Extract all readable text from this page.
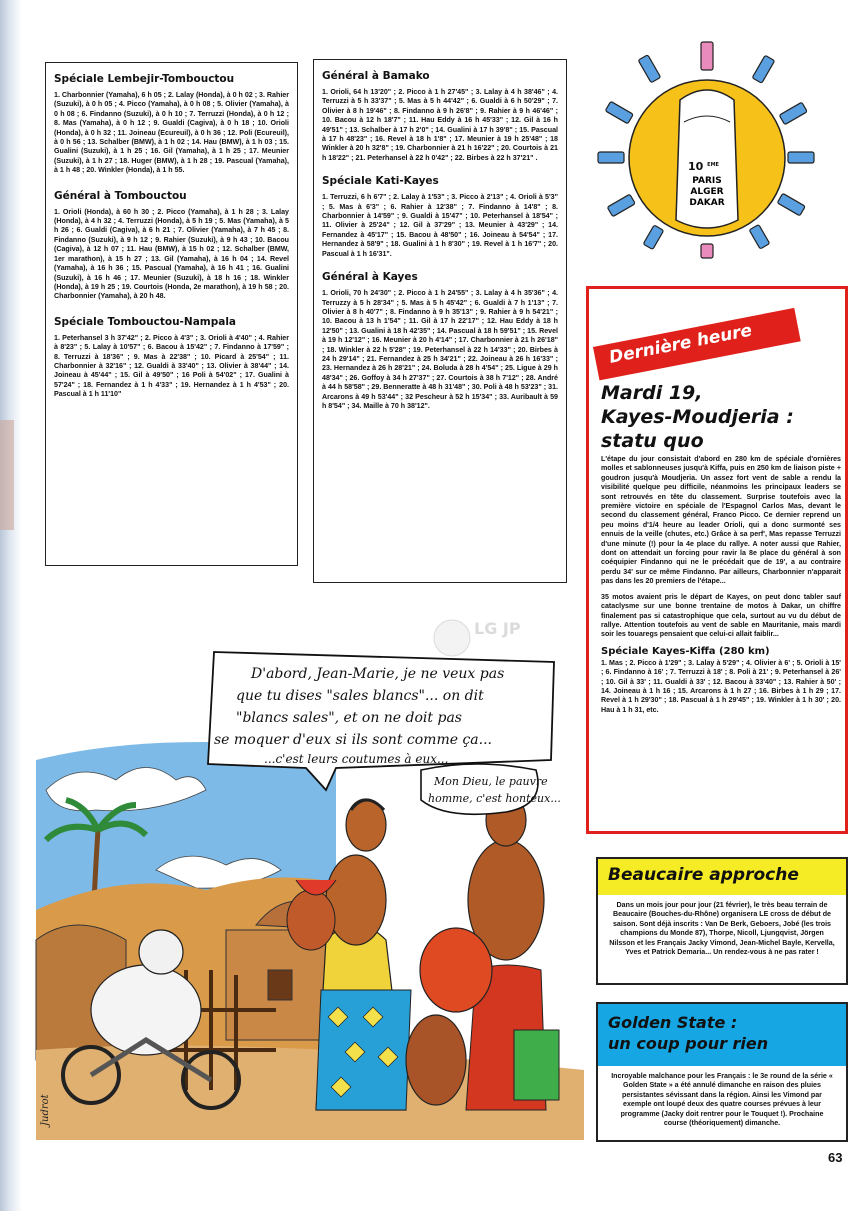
Spéciale Lembejir-Tombouctou

1. Charbonnier (Yamaha), 6 h 05 ; 2. Lalay (Honda), à 0 h 02 ; 3. Rahier (Suzuki), à 0 h 05 ; 4. Picco (Yamaha), à 0 h 08 ; 5. Olivier (Yamaha), à 0 h 08 ; 6. Findanno (Suzuki), à 0 h 10 ; 7. Terruzzi (Honda), à 0 h 12 ; 8. Mas (Yamaha), à 0 h 12 ; 9. Gualdi (Cagiva), à 0 h 18 ; 10. Orioli (Honda), à 0 h 32 ; 11. Joineau (Ecureuil), à 0 h 36 ; 12. Poli (Ecureuil), à 0 h 56 ; 13. Schalber (BMW), à 1 h 02 ; 14. Hau (BMW), à 1 h 03 ; 15. Gualini (Suzuki), à 1 h 25 ; 16. Gil (Yamaha), à 1 h 25 ; 17. Meunier (Suzuki), à 1 h 27 ; 18. Huger (BMW), à 1 h 28 ; 19. Pascual (Yamaha), à 1 h 48 ; 20. Winkler (Honda), à 1 h 55.

Général à Tombouctou

1. Orioli (Honda), à 60 h 30 ; 2. Picco (Yamaha), à 1 h 28 ; 3. Lalay (Honda), à 4 h 32 ; 4. Terruzzi (Honda), à 5 h 19 ; 5. Mas (Yamaha), à 5 h 26 ; 6. Gualdi (Cagiva), à 6 h 21 ; 7. Olivier (Yamaha), à 7 h 45 ; 8. Findanno (Suzuki), à 9 h 12 ; 9. Rahier (Suzuki), à 9 h 43 ; 10. Bacou (Cagiva), à 12 h 07 ; 11. Hau (BMW), à 15 h 02 ; 12. Schalber (BMW, 1er marathon), à 15 h 27 ; 13. Gil (Yamaha), à 16 h 04 ; 14. Revel (Yamaha), à 16 h 36 ; 15. Pascual (Yamaha), à 16 h 41 ; 16. Gualini (Suzuki), à 16 h 46 ; 17. Meunier (Suzuki), à 18 h 16 ; 18. Winkler (Honda), à 19 h 25 ; 19. Courtois (Honda, 2e marathon), à 19 h 58 ; 20. Charbonnier (Yamaha), à 20 h 48.

Spéciale Tombouctou-Nampala

1. Peterhansel 3 h 37'42" ; 2. Picco à 4'3" ; 3. Orioli à 4'40" ; 4. Rahier à 8'23" ; 5. Lalay à 10'57" ; 6. Bacou à 15'42" ; 7. Findanno à 17'59" ; 8. Terruzzi à 18'36" ; 9. Mas à 22'38" ; 10. Picard à 25'54" ; 11. Charbonnier à 32'16" ; 12. Gualdi à 33'40" ; 13. Olivier à 38'44" ; 14. Joineau à 45'44" ; 15. Gil à 49'50" ; 16 Poli à 54'02" ; 17. Gualini à 57'24" ; 18. Fernandez à 1 h 4'33" ; 19. Hernandez à 1 h 4'53" ; 20. Pascual à 1 h 11'10"

Général à Bamako

1. Orioli, 64 h 13'20" ; 2. Picco à 1 h 27'45" ; 3. Lalay à 4 h 38'46" ; 4. Terruzzi à 5 h 33'37" ; 5. Mas à 5 h 44'42" ; 6. Gualdi à 6 h 50'29" ; 7. Olivier à 8 h 19'46" ; 8. Findanno à 9 h 26'8" ; 9. Rahier à 9 h 46'46" ; 10. Bacou à 12 h 18'7" ; 11. Hau Eddy à 16 h 45'33" ; 12. Gil à 16 h 49'51" ; 13. Schalber à 17 h 2'0" ; 14. Gualini à 17 h 39'8" ; 15. Pascual à 17 h 48'23" ; 16. Revel à 18 h 1'8" ; 17. Meunier à 19 h 25'48" ; 18 Winkler à 20 h 32'8" ; 19. Charbonnier à 21 h 16'22" ; 20. Courtois à 21 h 18'22" ; 21. Peterhansel à 22 h 0'42" ; 22. Birbes à 22 h 37'21" .

Spéciale Kati-Kayes

1. Terruzzi, 6 h 6'7" ; 2. Lalay à 1'53" ; 3. Picco à 2'13" ; 4. Orioli à 5'3" ; 5. Mas à 6'3" ; 6. Rahier à 12'38" ; 7. Findanno à 14'8" ; 8. Charbonnier à 14'59" ; 9. Gualdi à 15'47" ; 10. Peterhansel à 18'54" ; 11. Olivier à 25'24" ; 12. Gil à 37'29" ; 13. Meunier à 43'29" ; 14. Fernandez à 45'17" ; 15. Bacou à 48'50" ; 16. Joineau à 54'54" ; 17. Hernandez à 58'9" ; 18. Gualini à 1 h 8'30" ; 19. Revel à 1 h 16'7" ; 20. Pascual à 1 h 16'31".

Général à Kayes

1. Orioli, 70 h 24'30" ; 2. Picco à 1 h 24'55" ; 3. Lalay à 4 h 35'36" ; 4. Terruzzy à 5 h 28'34" ; 5. Mas à 5 h 45'42" ; 6. Gualdi à 7 h 1'13" ; 7. Olivier à 8 h 40'7" ; 8. Findanno à 9 h 35'13" ; 9. Rahier à 9 h 54'21" ; 10. Bacou à 13 h 1'54" ; 11. Gil à 17 h 22'17" ; 12. Hau Eddy à 18 h 12'50" ; 13. Gualini à 18 h 42'35" ; 14. Pascual à 18 h 59'51" ; 15. Revel à 19 h 12'12" ; 16. Meunier à 20 h 4'14" ; 17. Charbonnier à 21 h 26'18" ; 18. Winkler à 22 h 5'28" ; 19. Peterhansel à 22 h 14'33" ; 20. Birbes à 24 h 29'14" ; 21. Fernandez à 25 h 34'21" ; 22. Joineau à 26 h 16'33" ; 23. Hernandez à 26 h 28'21" ; 24. Boluda à 28 h 4'54" ; 25. Ligue à 29 h 48'34" ; 26. Goffoy à 34 h 27'37" ; 27. Courtois à 38 h 7'12" ; 28. André à 44 h 58'58" ; 29. Benneratte à 48 h 31'48" ; 30. Poli à 48 h 53'23" ; 31. Arcarons à 49 h 53'44" ; 32 Pescheur à 52 h 15'34" ; 33. Auribault à 59 h 8'54" ; 34. Maille à 70 h 38'12".

10 $^{EME}$
PARIS
ALGER
DAKAR
Dernière heure
Mardi 19,
Kayes-Moudjeria :
statu quo

L'étape du jour consistait d'abord en 280 km de spéciale d'ornières molles et sablonneuses jusqu'à Kiffa, puis en 250 km de liaison piste + goudron jusqu'à Moudjeria. Un assez fort vent de sable a rendu la visibilité quelque peu difficile, néanmoins les principaux leaders se sont retrouvés en tête du classement. Surprise toutefois avec la première victoire en spéciale de l'Espagnol Carlos Mas, devant le second du classement général, Franco Picco. Ce dernier reprend un peu moins d'1/4 heure au leader Orioli, qui a donc surmonté ses ennuis de la veille (chutes, etc.) Grâce à sa perf', Mas repasse Terruzzi d'une minute (!) pour la 4e place du rallye. A noter aussi que Rahier, dont on attendait un forcing pour ravir la 8e place du général à son coéquipier Findanno qui ne le précédait que de 19', a au contraire perdu 34' sur ce même Findanno. Par ailleurs, Charbonnier n'apparait pas dans les 20 premiers de l'étape...

35 motos avaient pris le départ de Kayes, on peut donc tabler sauf cataclysme sur une bonne trentaine de motos à Dakar, un chiffre finalement pas si catastrophique que cela, surtout au vu du début de rallye. Attention toutefois au vent de sable en Mauritanie, mais mardi soir les touaregs pensaient que celui-ci allait faiblir...

Spéciale Kayes-Kiffa (280 km)

1. Mas ; 2. Picco à 1'29" ; 3. Lalay à 5'29" ; 4. Olivier à 6' ; 5. Orioli à 15' ; 6. Findanno à 16' ; 7. Terruzzi à 18' ; 8. Poli à 21' ; 9. Peterhansel à 26' ; 10. Gil à 33' ; 11. Gualdi à 33' ; 12. Bacou à 33'40" ; 13. Rahier à 50' ; 14. Joineau à 1 h 16 ; 15. Arcarons à 1 h 27 ; 16. Birbes à 1 h 29 ; 17. Revel à 1 h 29'30" ; 18. Pascual à 1 h 29'45" ; 19. Winkler à 1 h 30' ; 20. Hau à 1 h 31, etc.

Beaucaire approche

Dans un mois jour pour jour (21 février), le très beau terrain de Beaucaire (Bouches-du-Rhône) organisera LE cross de début de saison. Sont déjà inscrits : Van De Berk, Geboers, Jobé (les trois champions du Monde 87), Thorpe, Nicoll, Ljungqvist, Jörgen Nilsson et les Français Jacky Vimond, Jean-Michel Bayle, Kervella, Yves et Patrick Demaria... Un rendez-vous à ne pas rater !

Golden State :
un coup pour rien

Incroyable malchance pour les Français : le 3e round de la série « Golden State » a été annulé dimanche en raison des pluies persistantes sévissant dans la région. Ainsi les Vimond par exemple ont loupé deux des quatre courses prévues à leur programme (Jacky doit rentrer pour le Touquet !). Prochaine course (théoriquement) dimanche.

D'abord, Jean-Marie, je ne veux pas que tu dises "sales blancs"... on dit "blancs sales", et on ne doit pas se moquer d'eux si ils sont comme ça... ...c'est leurs coutumes à eux...
Mon Dieu, le pauvre homme, c'est honteux...
Judrot
LG JP
63
